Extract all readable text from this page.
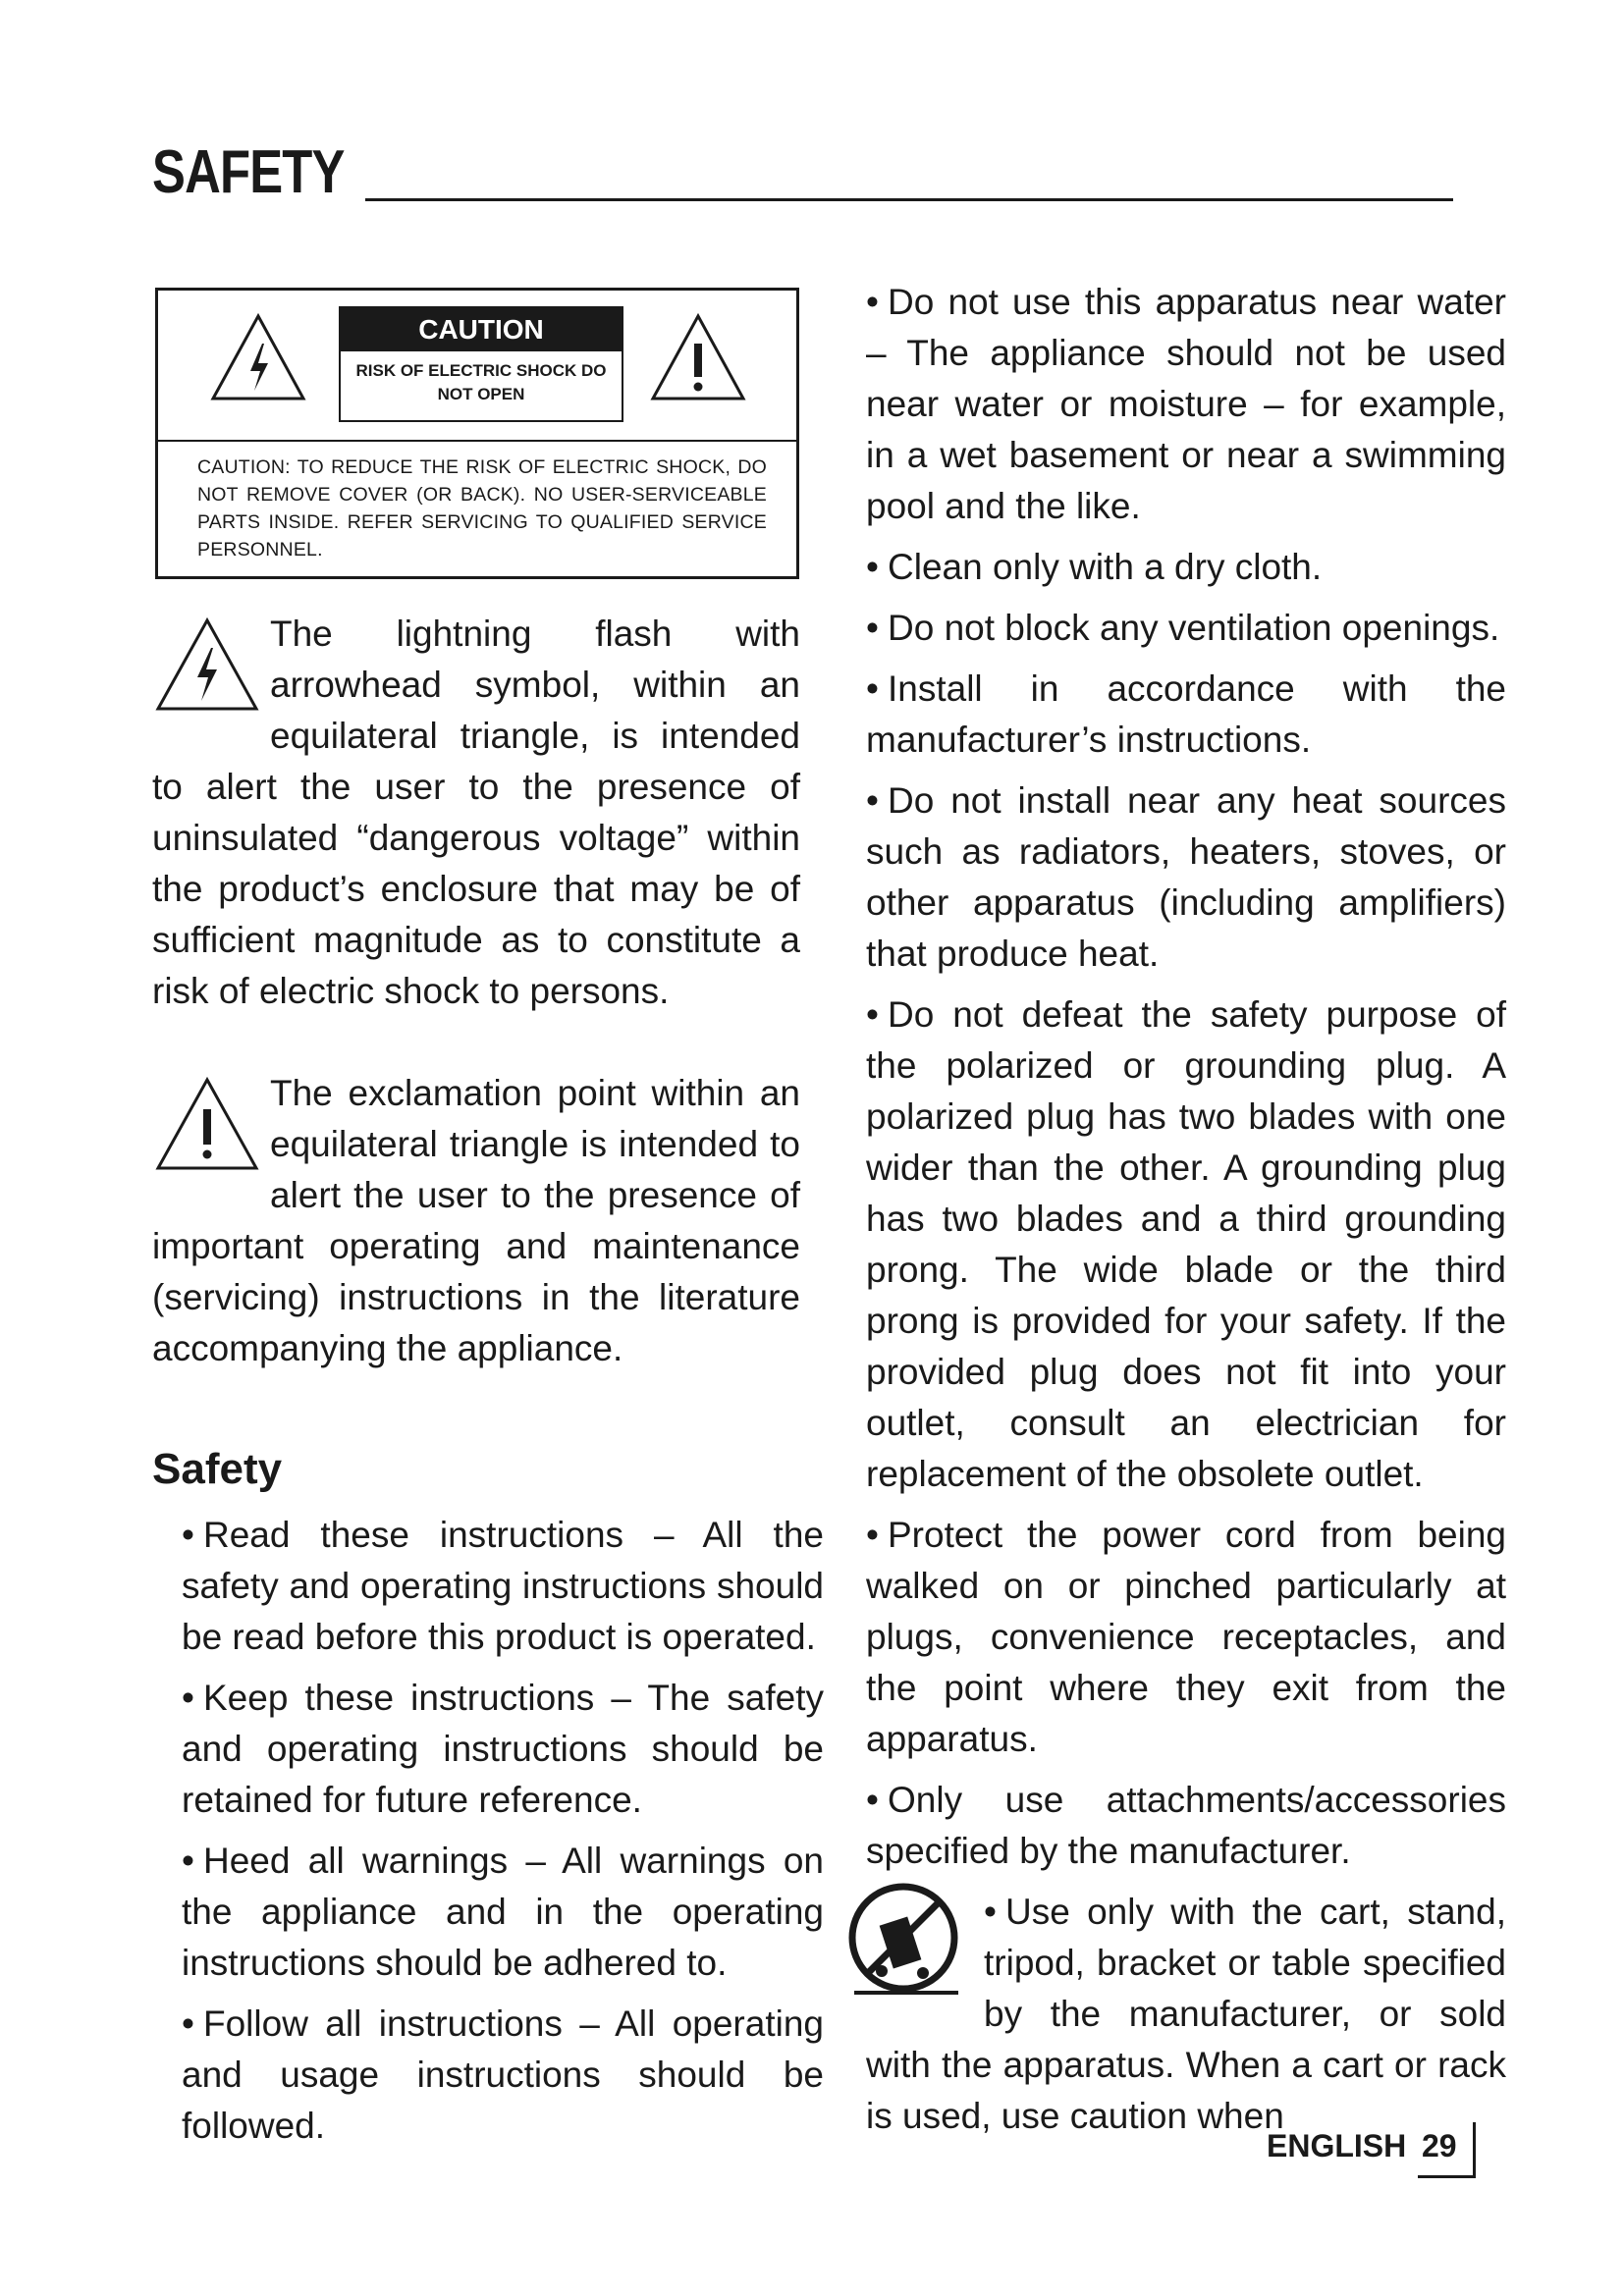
SAFETY
CAUTION
RISK OF ELECTRIC SHOCK DO NOT OPEN
CAUTION: TO REDUCE THE RISK OF ELECTRIC SHOCK, DO NOT REMOVE COVER (OR BACK). NO USER-SERVICEABLE PARTS INSIDE. REFER SERVICING TO QUALIFIED SERVICE PERSONNEL.
The lightning flash with arrowhead symbol, within an equilateral triangle, is intended to alert the user to the presence of uninsulated “dangerous voltage” within the product’s enclosure that may be of sufficient magnitude as to constitute a risk of electric shock to persons.
The exclamation point within an equilateral triangle is intended to alert the user to the presence of important operating and maintenance (servicing) instructions in the literature accompanying the appliance.
Safety
• Read these instructions – All the safety and operating instructions should be read before this product is operated.
• Keep these instructions – The safety and operating instructions should be retained for future reference.
• Heed all warnings – All warnings on the appliance and in the operating instructions should be adhered to.
• Follow all instructions – All operating and usage instructions should be followed.
• Do not use this apparatus near water – The appliance should not be used near water or moisture – for example, in a wet basement or near a swimming pool and the like.
• Clean only with a dry cloth.
• Do not block any ventilation openings.
• Install in accordance with the manufacturer’s instructions.
• Do not install near any heat sources such as radiators, heaters, stoves, or other apparatus (including amplifiers) that produce heat.
• Do not defeat the safety purpose of the polarized or grounding plug. A polarized plug has two blades with one wider than the other. A grounding plug has two blades and a third grounding prong. The wide blade or the third prong is provided for your safety. If the provided plug does not fit into your outlet, consult an electrician for replacement of the obsolete outlet.
• Protect the power cord from being walked on or pinched particularly at plugs, convenience receptacles, and the point where they exit from the apparatus.
• Only use attachments/accessories specified by the manufacturer.
• Use only with the cart, stand, tripod, bracket or table specified by the manufacturer, or sold with the apparatus. When a cart or rack is used, use caution when
ENGLISH 29
